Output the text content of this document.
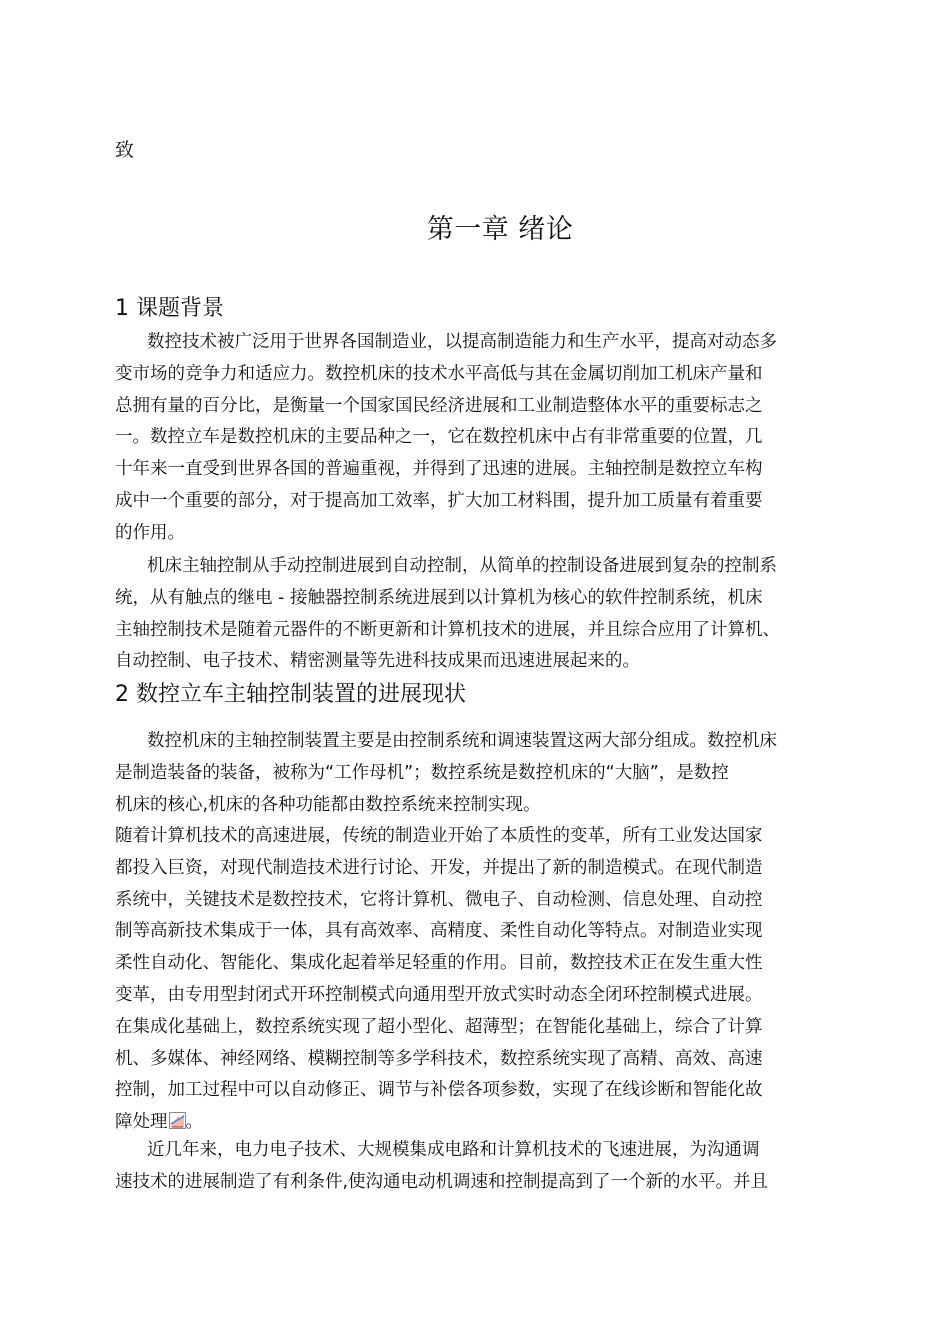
致
第一章 绪论
1 课题背景
数控技术被广泛用于世界各国制造业，以提高制造能力和生产水平，提高对动态多
变市场的竞争力和适应力。数控机床的技术水平高低与其在金属切削加工机床产量和
总拥有量的百分比，是衡量一个国家国民经济进展和工业制造整体水平的重要标志之
一。数控立车是数控机床的主要品种之一，它在数控机床中占有非常重要的位置，几
十年来一直受到世界各国的普遍重视，并得到了迅速的进展。主轴控制是数控立车构
成中一个重要的部分，对于提高加工效率，扩大加工材料围，提升加工质量有着重要
的作用。
机床主轴控制从手动控制进展到自动控制，从简单的控制设备进展到复杂的控制系
统，从有触点的继电 - 接触器控制系统进展到以计算机为核心的软件控制系统，机床
主轴控制技术是随着元器件的不断更新和计算机技术的进展，并且综合应用了计算机、
自动控制、电子技术、精密测量等先进科技成果而迅速进展起来的。
2 数控立车主轴控制装置的进展现状
数控机床的主轴控制装置主要是由控制系统和调速装置这两大部分组成。数控机床
是制造装备的装备，被称为“工作母机”；数控系统是数控机床的“大脑”，是数控
机床的核心,机床的各种功能都由数控系统来控制实现。
随着计算机技术的高速进展，传统的制造业开始了本质性的变革，所有工业发达国家
都投入巨资，对现代制造技术进行讨论、开发，并提出了新的制造模式。在现代制造
系统中，关键技术是数控技术，它将计算机、微电子、自动检测、信息处理、自动控
制等高新技术集成于一体，具有高效率、高精度、柔性自动化等特点。对制造业实现
柔性自动化、智能化、集成化起着举足轻重的作用。目前，数控技术正在发生重大性
变革，由专用型封闭式开环控制模式向通用型开放式实时动态全闭环控制模式进展。
在集成化基础上，数控系统实现了超小型化、超薄型；在智能化基础上，综合了计算
机、多媒体、神经网络、模糊控制等多学科技术，数控系统实现了高精、高效、高速
控制，加工过程中可以自动修正、调节与补偿各项参数，实现了在线诊断和智能化故
障处理 。
近几年来，电力电子技术、大规模集成电路和计算机技术的飞速进展，为沟通调
速技术的进展制造了有利条件,使沟通电动机调速和控制提高到了一个新的水平。并且
